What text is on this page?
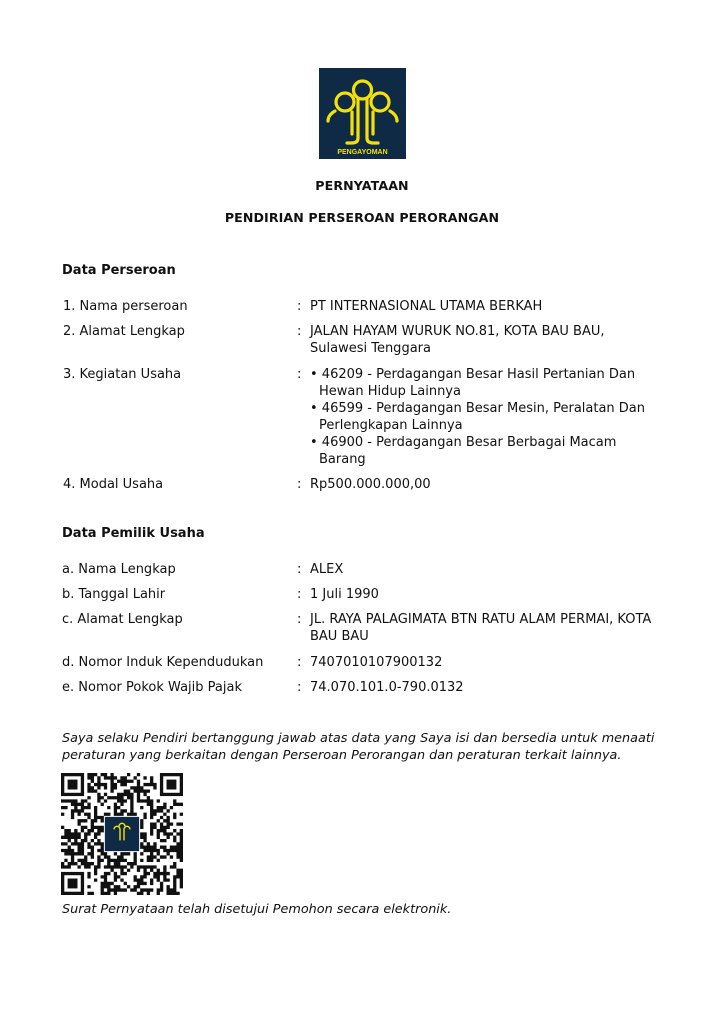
PENGAYOMAN
PERNYATAAN
PENDIRIAN PERSEROAN PERORANGAN
Data Perseroan
1. Nama perseroan	: PT INTERNASIONAL UTAMA BERKAH
2. Alamat Lengkap	: JALAN HAYAM WURUK NO.81, KOTA BAU BAU, Sulawesi Tenggara
3. Kegiatan Usaha	: • 46209 - Perdagangan Besar Hasil Pertanian Dan Hewan Hidup Lainnya
• 46599 - Perdagangan Besar Mesin, Peralatan Dan Perlengkapan Lainnya
• 46900 - Perdagangan Besar Berbagai Macam Barang
4. Modal Usaha	: Rp500.000.000,00
Data Pemilik Usaha
a. Nama Lengkap	: ALEX
b. Tanggal Lahir	: 1 Juli 1990
c. Alamat Lengkap	: JL. RAYA PALAGIMATA BTN RATU ALAM PERMAI, KOTA BAU BAU
d. Nomor Induk Kependudukan	: 7407010107900132
e. Nomor Pokok Wajib Pajak	: 74.070.101.0-790.0132
Saya selaku Pendiri bertanggung jawab atas data yang Saya isi dan bersedia untuk menaati peraturan yang berkaitan dengan Perseroan Perorangan dan peraturan terkait lainnya.
Surat Pernyataan telah disetujui Pemohon secara elektronik.
